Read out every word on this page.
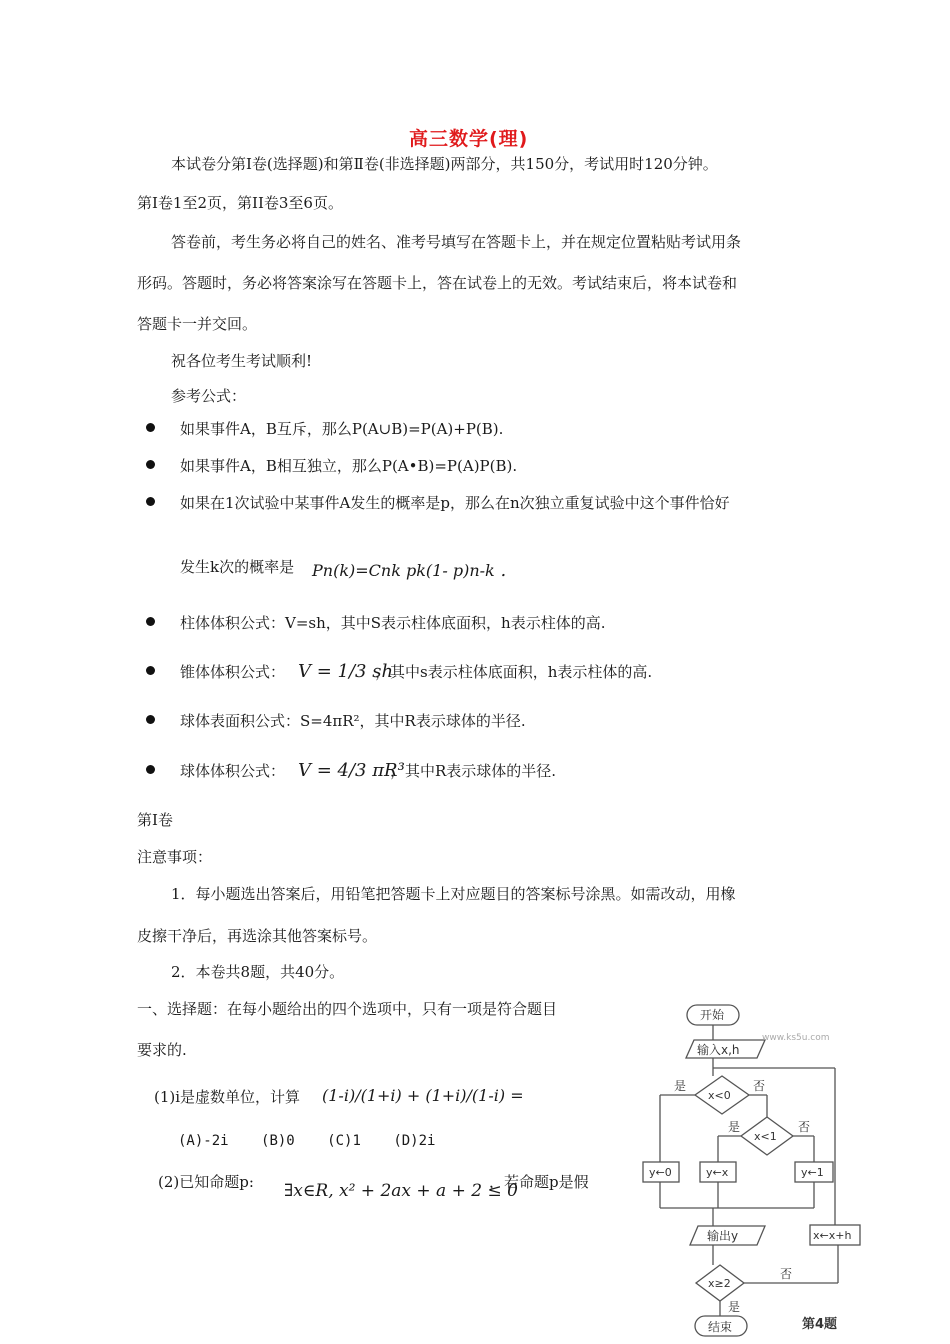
高三数学(理)
本试卷分第Ⅰ卷(选择题)和第Ⅱ卷(非选择题)两部分，共150分，考试用时120分钟。
第Ⅰ卷1至2页，第II卷3至6页。
答卷前，考生务必将自己的姓名、准考号填写在答题卡上，并在规定位置粘贴考试用条
形码。答题时，务必将答案涂写在答题卡上，答在试卷上的无效。考试结束后，将本试卷和
答题卡一并交回。
祝各位考生考试顺利!
参考公式：
如果事件A，B互斥，那么P(A∪B)=P(A)+P(B).
如果事件A，B相互独立，那么P(A•B)=P(A)P(B).
如果在1次试验中某事件A发生的概率是p，那么在n次独立重复试验中这个事件恰好
发生k次的概率是 Pn(k)=Cnk pk(1- p)n-k .
柱体体积公式：V=sh，其中S表示柱体底面积，h表示柱体的高.
锥体体积公式： V = 1/3 sh
，其中s表示柱体底面积，h表示柱体的高.
球体表面积公式：S=4πR²，其中R表示球体的半径.
球体体积公式： V = 4/3 πR³
，其中R表示球体的半径.
第Ⅰ卷
注意事项：
1．每小题选出答案后，用铅笔把答题卡上对应题目的答案标号涂黑。如需改动，用橡
皮擦干净后，再选涂其他答案标号。
2．本卷共8题，共40分。
一、选择题：在每小题给出的四个选项中，只有一项是符合题目
要求的.
(1)i是虚数单位，计算 (1-i)/(1+i) + (1+i)/(1-i) =
(A)-2i (B)0 (C)1 (D)2i
(2)已知命题p: ∃x∈R, x² + 2ax + a + 2 ≤ 0
，若命题p是假
开始
输入x,h
x<0
是	否
x<1
是	否
y←0	y←x	y←1
输出y	x←x+h
x≥2
否
是
结束
www.ks5u.com
第4题
